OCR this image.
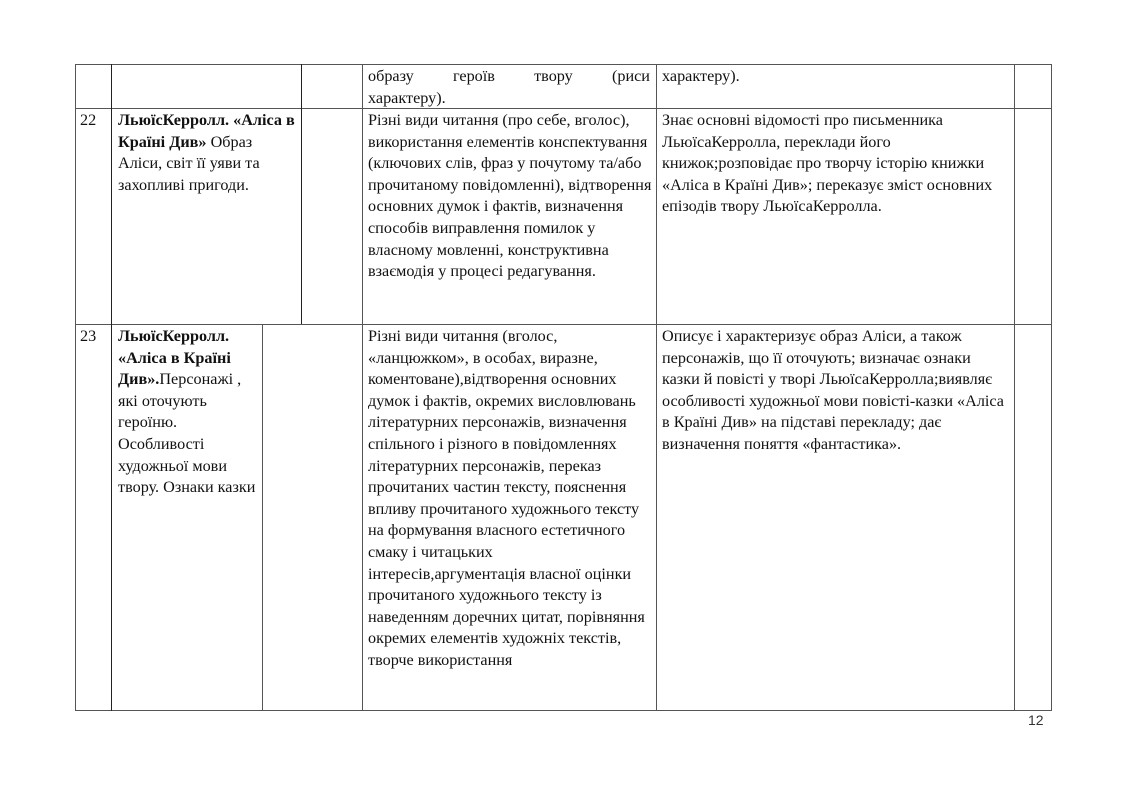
образу героїв твору (риси

характеру).

характеру).

22	ЛьюїсКерролл. «Аліса в Країні Див» Образ Аліси, світ її уяви та захопливі пригоди.

Різні види читання (про себе, вголос), використання елементів конспектування (ключових слів, фраз у почутому та/або прочитаному повідомленні), відтворення основних думок і фактів, визначення способів виправлення помилок у власному мовленні, конструктивна взаємодія у процесі редагування.

Знає основні відомості про письменника ЛьюїсаКерролла, переклади його книжок;розповідає про творчу історію книжки «Аліса в Країні Див»; переказує зміст основних епізодів твору ЛьюїсаКерролла.

23	ЛьюїсКерролл. «Аліса в Країні Див».Персонажі , які оточують героїню. Особливості художньої мови твору. Ознаки казки

Різні види читання (вголос, «ланцюжком», в особах, виразне, коментоване),відтворення основних думок і фактів, окремих висловлювань літературних персонажів, визначення спільного і різного в повідомленнях літературних персонажів, переказ прочитаних частин тексту, пояснення впливу прочитаного художнього тексту на формування власного естетичного смаку і читацьких інтересів,аргументація власної оцінки прочитаного художнього тексту із наведенням доречних цитат, порівняння окремих елементів художніх текстів, творче використання

Описує і характеризує образ Аліси, а також персонажів, що її оточують; визначає ознаки казки й повісті у творі ЛьюїсаКерролла;виявляє особливості художньої мови повісті-казки «Аліса в Країні Див» на підставі перекладу; дає визначення поняття «фантастика».

12
